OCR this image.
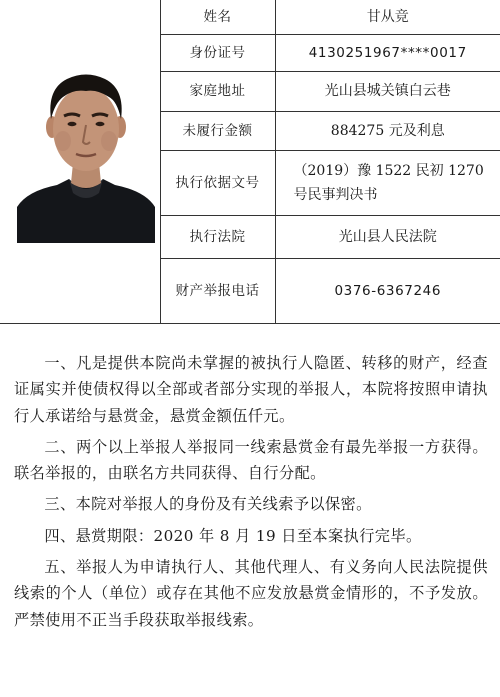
	姓名	甘从竞
	身份证号	4130251967****0017
	家庭地址	光山县城关镇白云巷
	未履行金额	884275 元及利息
	执行依据文号	（2019）豫 1522 民初 1270 号民事判决书
	执行法院	光山县人民法院
	财产举报电话	0376-6367246

一、凡是提供本院尚未掌握的被执行人隐匿、转移的财产，经查证属实并使债权得以全部或者部分实现的举报人，本院将按照申请执行人承诺给与悬赏金，悬赏金额伍仟元。

二、两个以上举报人举报同一线索悬赏金有最先举报一方获得。联名举报的，由联名方共同获得、自行分配。

三、本院对举报人的身份及有关线索予以保密。

四、悬赏期限：2020 年 8 月 19 日至本案执行完毕。

五、举报人为申请执行人、其他代理人、有义务向人民法院提供线索的个人（单位）或存在其他不应发放悬赏金情形的，不予发放。严禁使用不正当手段获取举报线索。
